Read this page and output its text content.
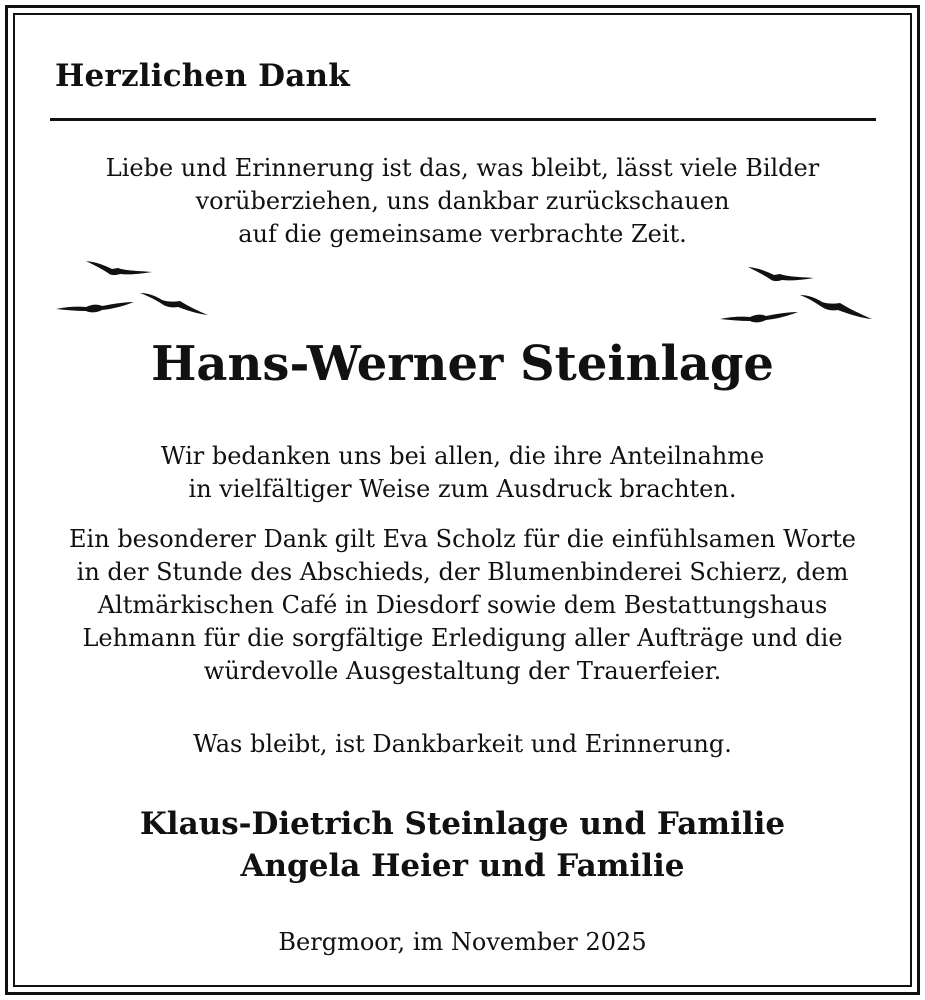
Herzlichen Dank

Liebe und Erinnerung ist das, was bleibt, lässt viele Bilder
vorüberziehen, uns dankbar zurückschauen
auf die gemeinsame verbrachte Zeit.

Hans-Werner Steinlage

Wir bedanken uns bei allen, die ihre Anteilnahme
in vielfältiger Weise zum Ausdruck brachten.

Ein besonderer Dank gilt Eva Scholz für die einfühlsamen Worte
in der Stunde des Abschieds, der Blumenbinderei Schierz, dem
Altmärkischen Café in Diesdorf sowie dem Bestattungshaus
Lehmann für die sorgfältige Erledigung aller Aufträge und die
würdevolle Ausgestaltung der Trauerfeier.

Was bleibt, ist Dankbarkeit und Erinnerung.

Klaus-Dietrich Steinlage und Familie
Angela Heier und Familie

Bergmoor, im November 2025
